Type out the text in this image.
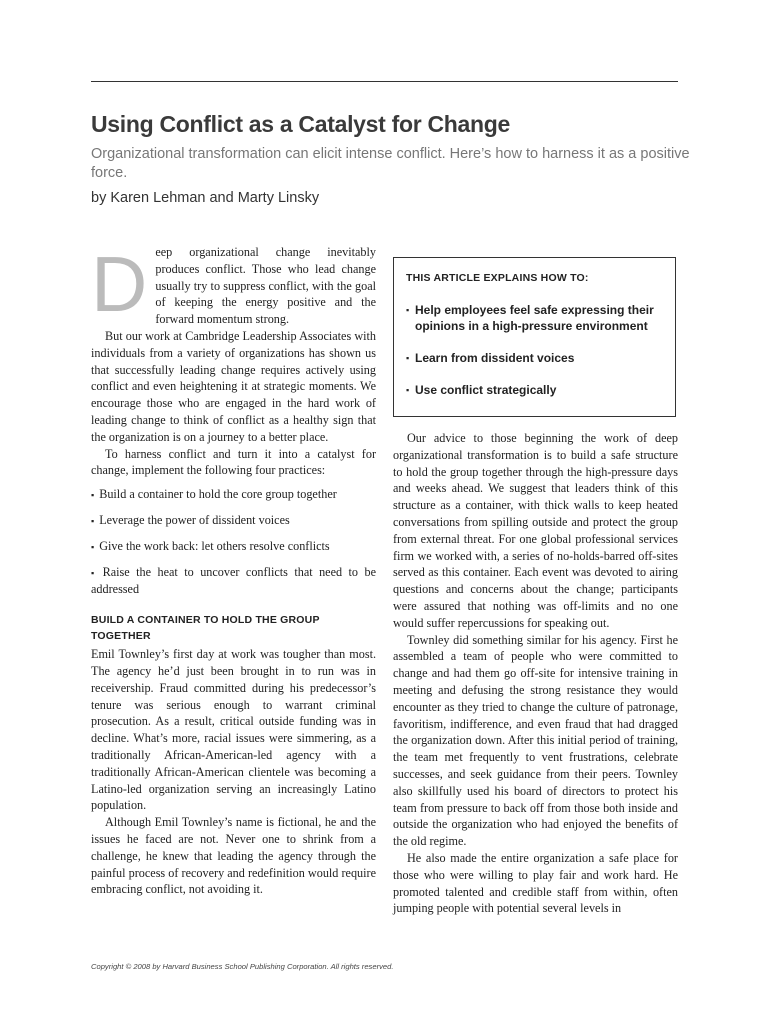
Using Conflict as a Catalyst for Change
Organizational transformation can elicit intense conflict. Here’s how to harness it as a positive force.
by Karen Lehman and Marty Linsky
D eep organizational change inevitably produces conflict. Those who lead change usually try to suppress conflict, with the goal of keeping the energy positive and the forward momentum strong.

But our work at Cambridge Leadership Associates with individuals from a variety of organizations has shown us that successfully leading change requires actively using conflict and even heightening it at strategic moments. We encourage those who are engaged in the hard work of leading change to think of conflict as a healthy sign that the organization is on a journey to a better place.

To harness conflict and turn it into a catalyst for change, implement the following four practices:

▪ Build a container to hold the core group together
▪ Leverage the power of dissident voices
▪ Give the work back: let others resolve conflicts
▪ Raise the heat to uncover conflicts that need to be addressed
BUILD A CONTAINER TO HOLD THE GROUP TOGETHER

Emil Townley’s first day at work was tougher than most. The agency he’d just been brought in to run was in receivership. Fraud committed during his predecessor’s tenure was serious enough to warrant criminal prosecution. As a result, critical outside funding was in decline. What’s more, racial issues were simmering, as a traditionally African-American-led agency with a traditionally African-American clientele was becoming a Latino-led organization serving an increasingly Latino population.

Although Emil Townley’s name is fictional, he and the issues he faced are not. Never one to shrink from a challenge, he knew that leading the agency through the painful process of recovery and redefinition would require embracing conflict, not avoiding it.

THIS ARTICLE EXPLAINS HOW TO:
▪ Help employees feel safe expressing their opinions in a high-pressure environment
▪ Learn from dissident voices
▪ Use conflict strategically

Our advice to those beginning the work of deep organizational transformation is to build a safe structure to hold the group together through the high-pressure days and weeks ahead. We suggest that leaders think of this structure as a container, with thick walls to keep heated conversations from spilling outside and protect the group from external threat. For one global professional services firm we worked with, a series of no-holds-barred off-sites served as this container. Each event was devoted to airing questions and concerns about the change; participants were assured that nothing was off-limits and no one would suffer repercussions for speaking out.

Townley did something similar for his agency. First he assembled a team of people who were committed to change and had them go off-site for intensive training in meeting and defusing the strong resistance they would encounter as they tried to change the culture of patronage, favoritism, indifference, and even fraud that had dragged the organization down. After this initial period of training, the team met frequently to vent frustrations, celebrate successes, and seek guidance from their peers. Townley also skillfully used his board of directors to protect his team from pressure to back off from those both inside and outside the organization who had enjoyed the benefits of the old regime.

He also made the entire organization a safe place for those who were willing to play fair and work hard. He promoted talented and credible staff from within, often jumping people with potential several levels in

Copyright © 2008 by Harvard Business School Publishing Corporation. All rights reserved.
